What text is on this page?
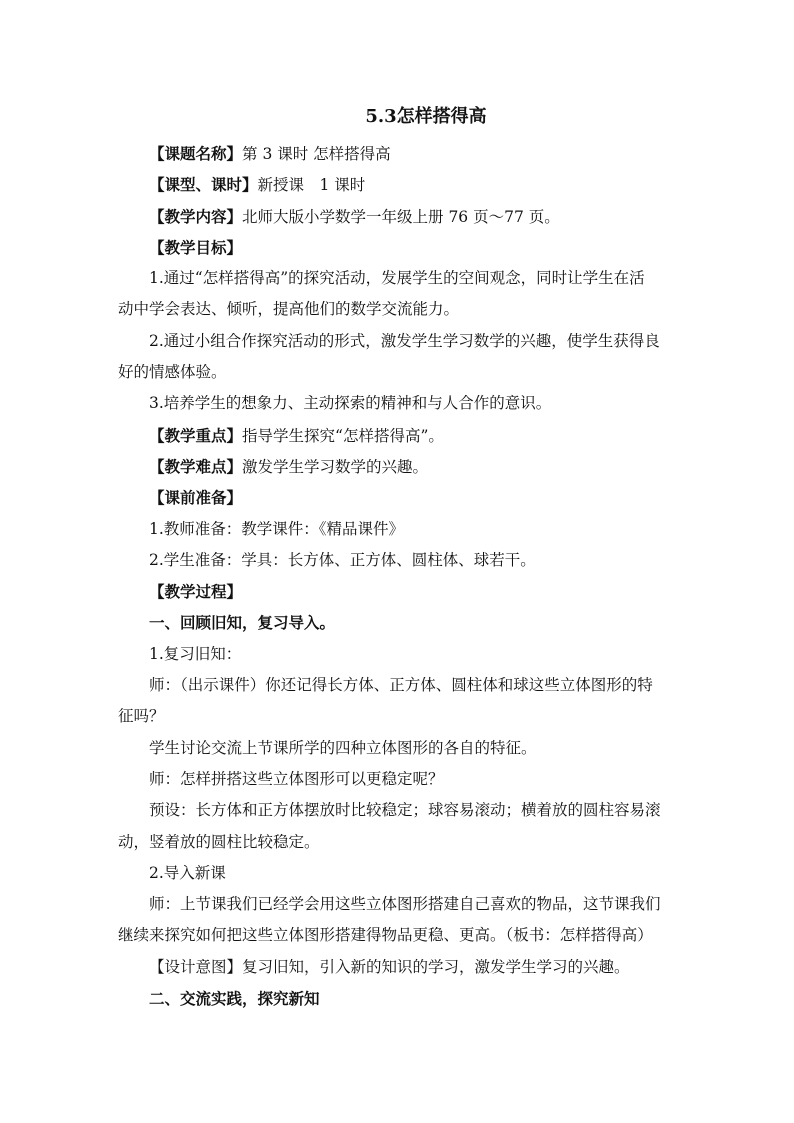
5.3怎样搭得高
【课题名称】第 3 课时 怎样搭得高
【课型、课时】新授课　1 课时
【教学内容】北师大版小学数学一年级上册 76 页～77 页。
【教学目标】
1.通过“怎样搭得高”的探究活动，发展学生的空间观念，同时让学生在活
动中学会表达、倾听，提高他们的数学交流能力。
2.通过小组合作探究活动的形式，激发学生学习数学的兴趣，使学生获得良
好的情感体验。
3.培养学生的想象力、主动探索的精神和与人合作的意识。
【教学重点】指导学生探究“怎样搭得高”。
【教学难点】激发学生学习数学的兴趣。
【课前准备】
1.教师准备：教学课件：《精品课件》
2.学生准备：学具：长方体、正方体、圆柱体、球若干。
【教学过程】
一、回顾旧知，复习导入。
1.复习旧知：
师：（出示课件）你还记得长方体、正方体、圆柱体和球这些立体图形的特
征吗？
学生讨论交流上节课所学的四种立体图形的各自的特征。
师：怎样拼搭这些立体图形可以更稳定呢？
预设：长方体和正方体摆放时比较稳定；球容易滚动；横着放的圆柱容易滚
动，竖着放的圆柱比较稳定。
2.导入新课
师：上节课我们已经学会用这些立体图形搭建自己喜欢的物品，这节课我们
继续来探究如何把这些立体图形搭建得物品更稳、更高。（板书：怎样搭得高）
【设计意图】复习旧知，引入新的知识的学习，激发学生学习的兴趣。
二、交流实践，探究新知
